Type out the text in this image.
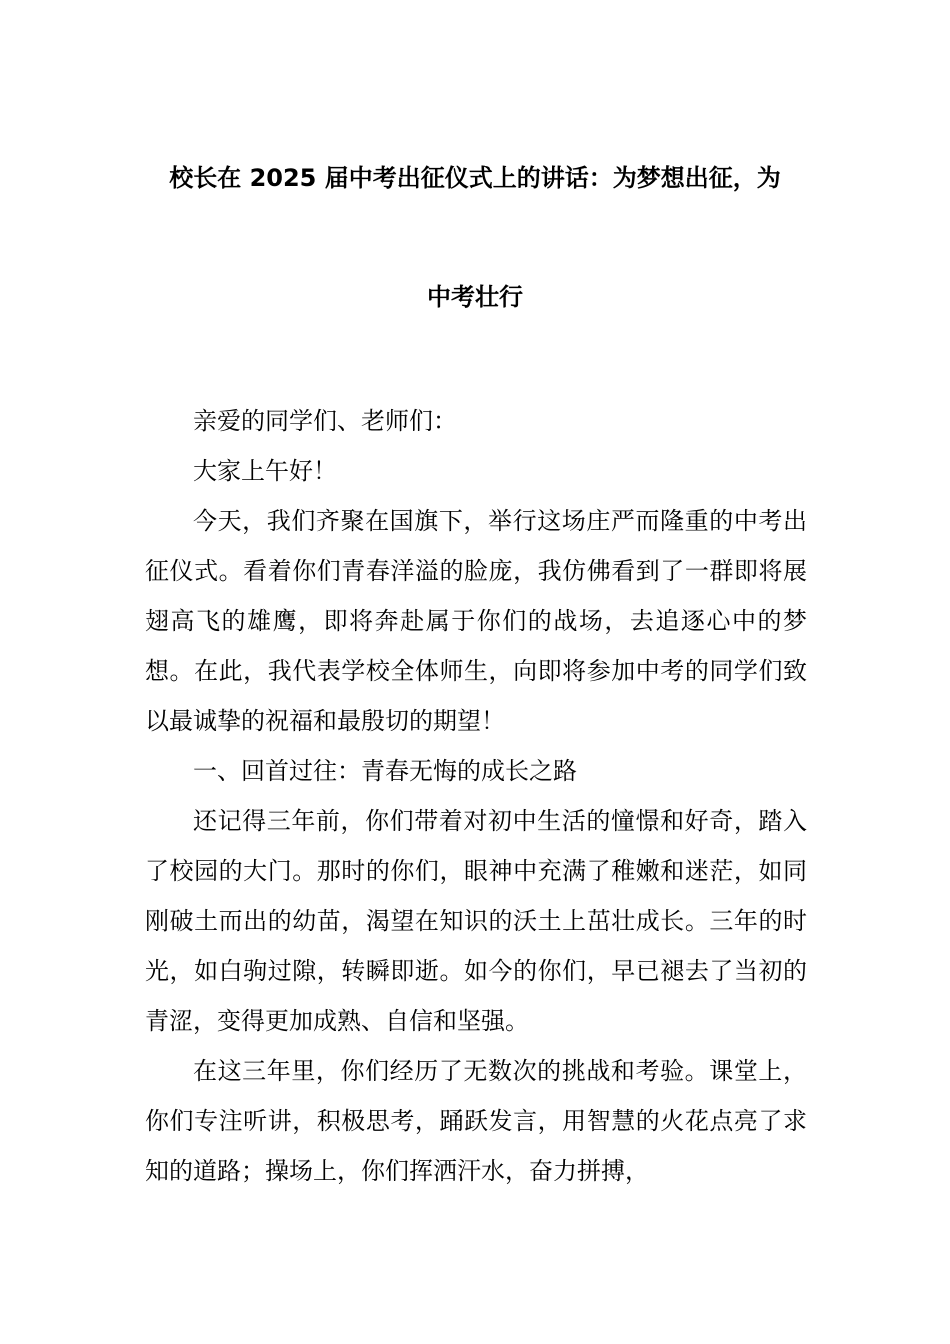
校长在 2025 届中考出征仪式上的讲话：为梦想出征，为
中考壮行

亲爱的同学们、老师们：

大家上午好！

今天，我们齐聚在国旗下，举行这场庄严而隆重的中考出征仪式。看着你们青春洋溢的脸庞，我仿佛看到了一群即将展翅高飞的雄鹰，即将奔赴属于你们的战场，去追逐心中的梦想。在此，我代表学校全体师生，向即将参加中考的同学们致以最诚挚的祝福和最殷切的期望！

一、回首过往：青春无悔的成长之路

还记得三年前，你们带着对初中生活的憧憬和好奇，踏入了校园的大门。那时的你们，眼神中充满了稚嫩和迷茫，如同刚破土而出的幼苗，渴望在知识的沃土上茁壮成长。三年的时光，如白驹过隙，转瞬即逝。如今的你们，早已褪去了当初的青涩，变得更加成熟、自信和坚强。

在这三年里，你们经历了无数次的挑战和考验。课堂上，你们专注听讲，积极思考，踊跃发言，用智慧的火花点亮了求知的道路；操场上，你们挥洒汗水，奋力拼搏，
